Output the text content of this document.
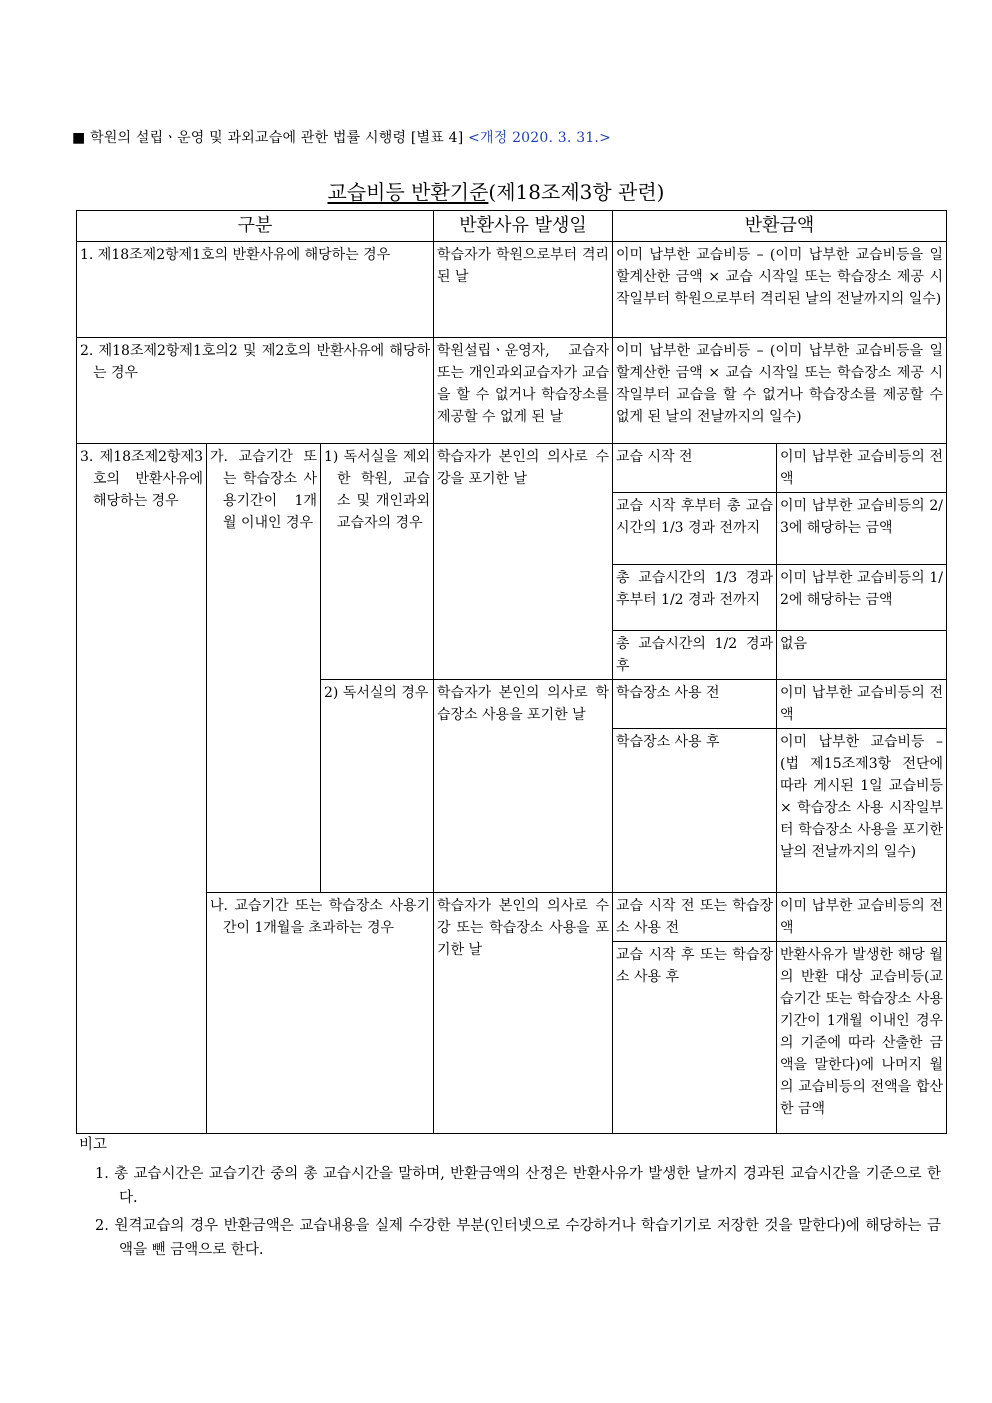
■ 학원의 설립ㆍ운영 및 과외교습에 관한 법률 시행령 [별표 4] <개정 2020. 3. 31.>
교습비등 반환기준(제18조제3항 관련)
구분			반환사유 발생일	반환금액	
1. 제18조제2항제1호의 반환사유에 해당하는 경우			학습자가 학원으로부터 격리된 날	이미 납부한 교습비등 – (이미 납부한 교습비등을 일할계산한 금액 × 교습 시작일 또는 학습장소 제공 시작일부터 학원으로부터 격리된 날의 전날까지의 일수)	
2. 제18조제2항제1호의2 및 제2호의 반환사유에 해당하는 경우			학원설립ㆍ운영자, 교습자 또는 개인과외교습자가 교습을 할 수 없거나 학습장소를 제공할 수 없게 된 날	이미 납부한 교습비등 – (이미 납부한 교습비등을 일할계산한 금액 × 교습 시작일 또는 학습장소 제공 시작일부터 교습을 할 수 없거나 학습장소를 제공할 수 없게 된 날의 전날까지의 일수)	
3. 제18조제2항제3호의 반환사유에 해당하는 경우	가. 교습기간 또는 학습장소 사용기간이 1개월 이내인 경우	1) 독서실을 제외한 학원, 교습소 및 개인과외교습자의 경우	학습자가 본인의 의사로 수강을 포기한 날	교습 시작 전	이미 납부한 교습비등의 전액
				교습 시작 후부터 총 교습시간의 1/3 경과 전까지	이미 납부한 교습비등의 2/3에 해당하는 금액
				총 교습시간의 1/3 경과 후부터 1/2 경과 전까지	이미 납부한 교습비등의 1/2에 해당하는 금액
				총 교습시간의 1/2 경과 후	없음
		2) 독서실의 경우	학습자가 본인의 의사로 학습장소 사용을 포기한 날	학습장소 사용 전	이미 납부한 교습비등의 전액
				학습장소 사용 후	이미 납부한 교습비등 – (법 제15조제3항 전단에 따라 게시된 1일 교습비등 × 학습장소 사용 시작일부터 학습장소 사용을 포기한 날의 전날까지의 일수)
	나. 교습기간 또는 학습장소 사용기간이 1개월을 초과하는 경우		학습자가 본인의 의사로 수강 또는 학습장소 사용을 포기한 날	교습 시작 전 또는 학습장소 사용 전	이미 납부한 교습비등의 전액
				교습 시작 후 또는 학습장소 사용 후	반환사유가 발생한 해당 월의 반환 대상 교습비등(교습기간 또는 학습장소 사용기간이 1개월 이내인 경우의 기준에 따라 산출한 금액을 말한다)에 나머지 월의 교습비등의 전액을 합산한 금액
비고
1. 총 교습시간은 교습기간 중의 총 교습시간을 말하며, 반환금액의 산정은 반환사유가 발생한 날까지 경과된 교습시간을 기준으로 한다.
2. 원격교습의 경우 반환금액은 교습내용을 실제 수강한 부분(인터넷으로 수강하거나 학습기기로 저장한 것을 말한다)에 해당하는 금액을 뺀 금액으로 한다.
